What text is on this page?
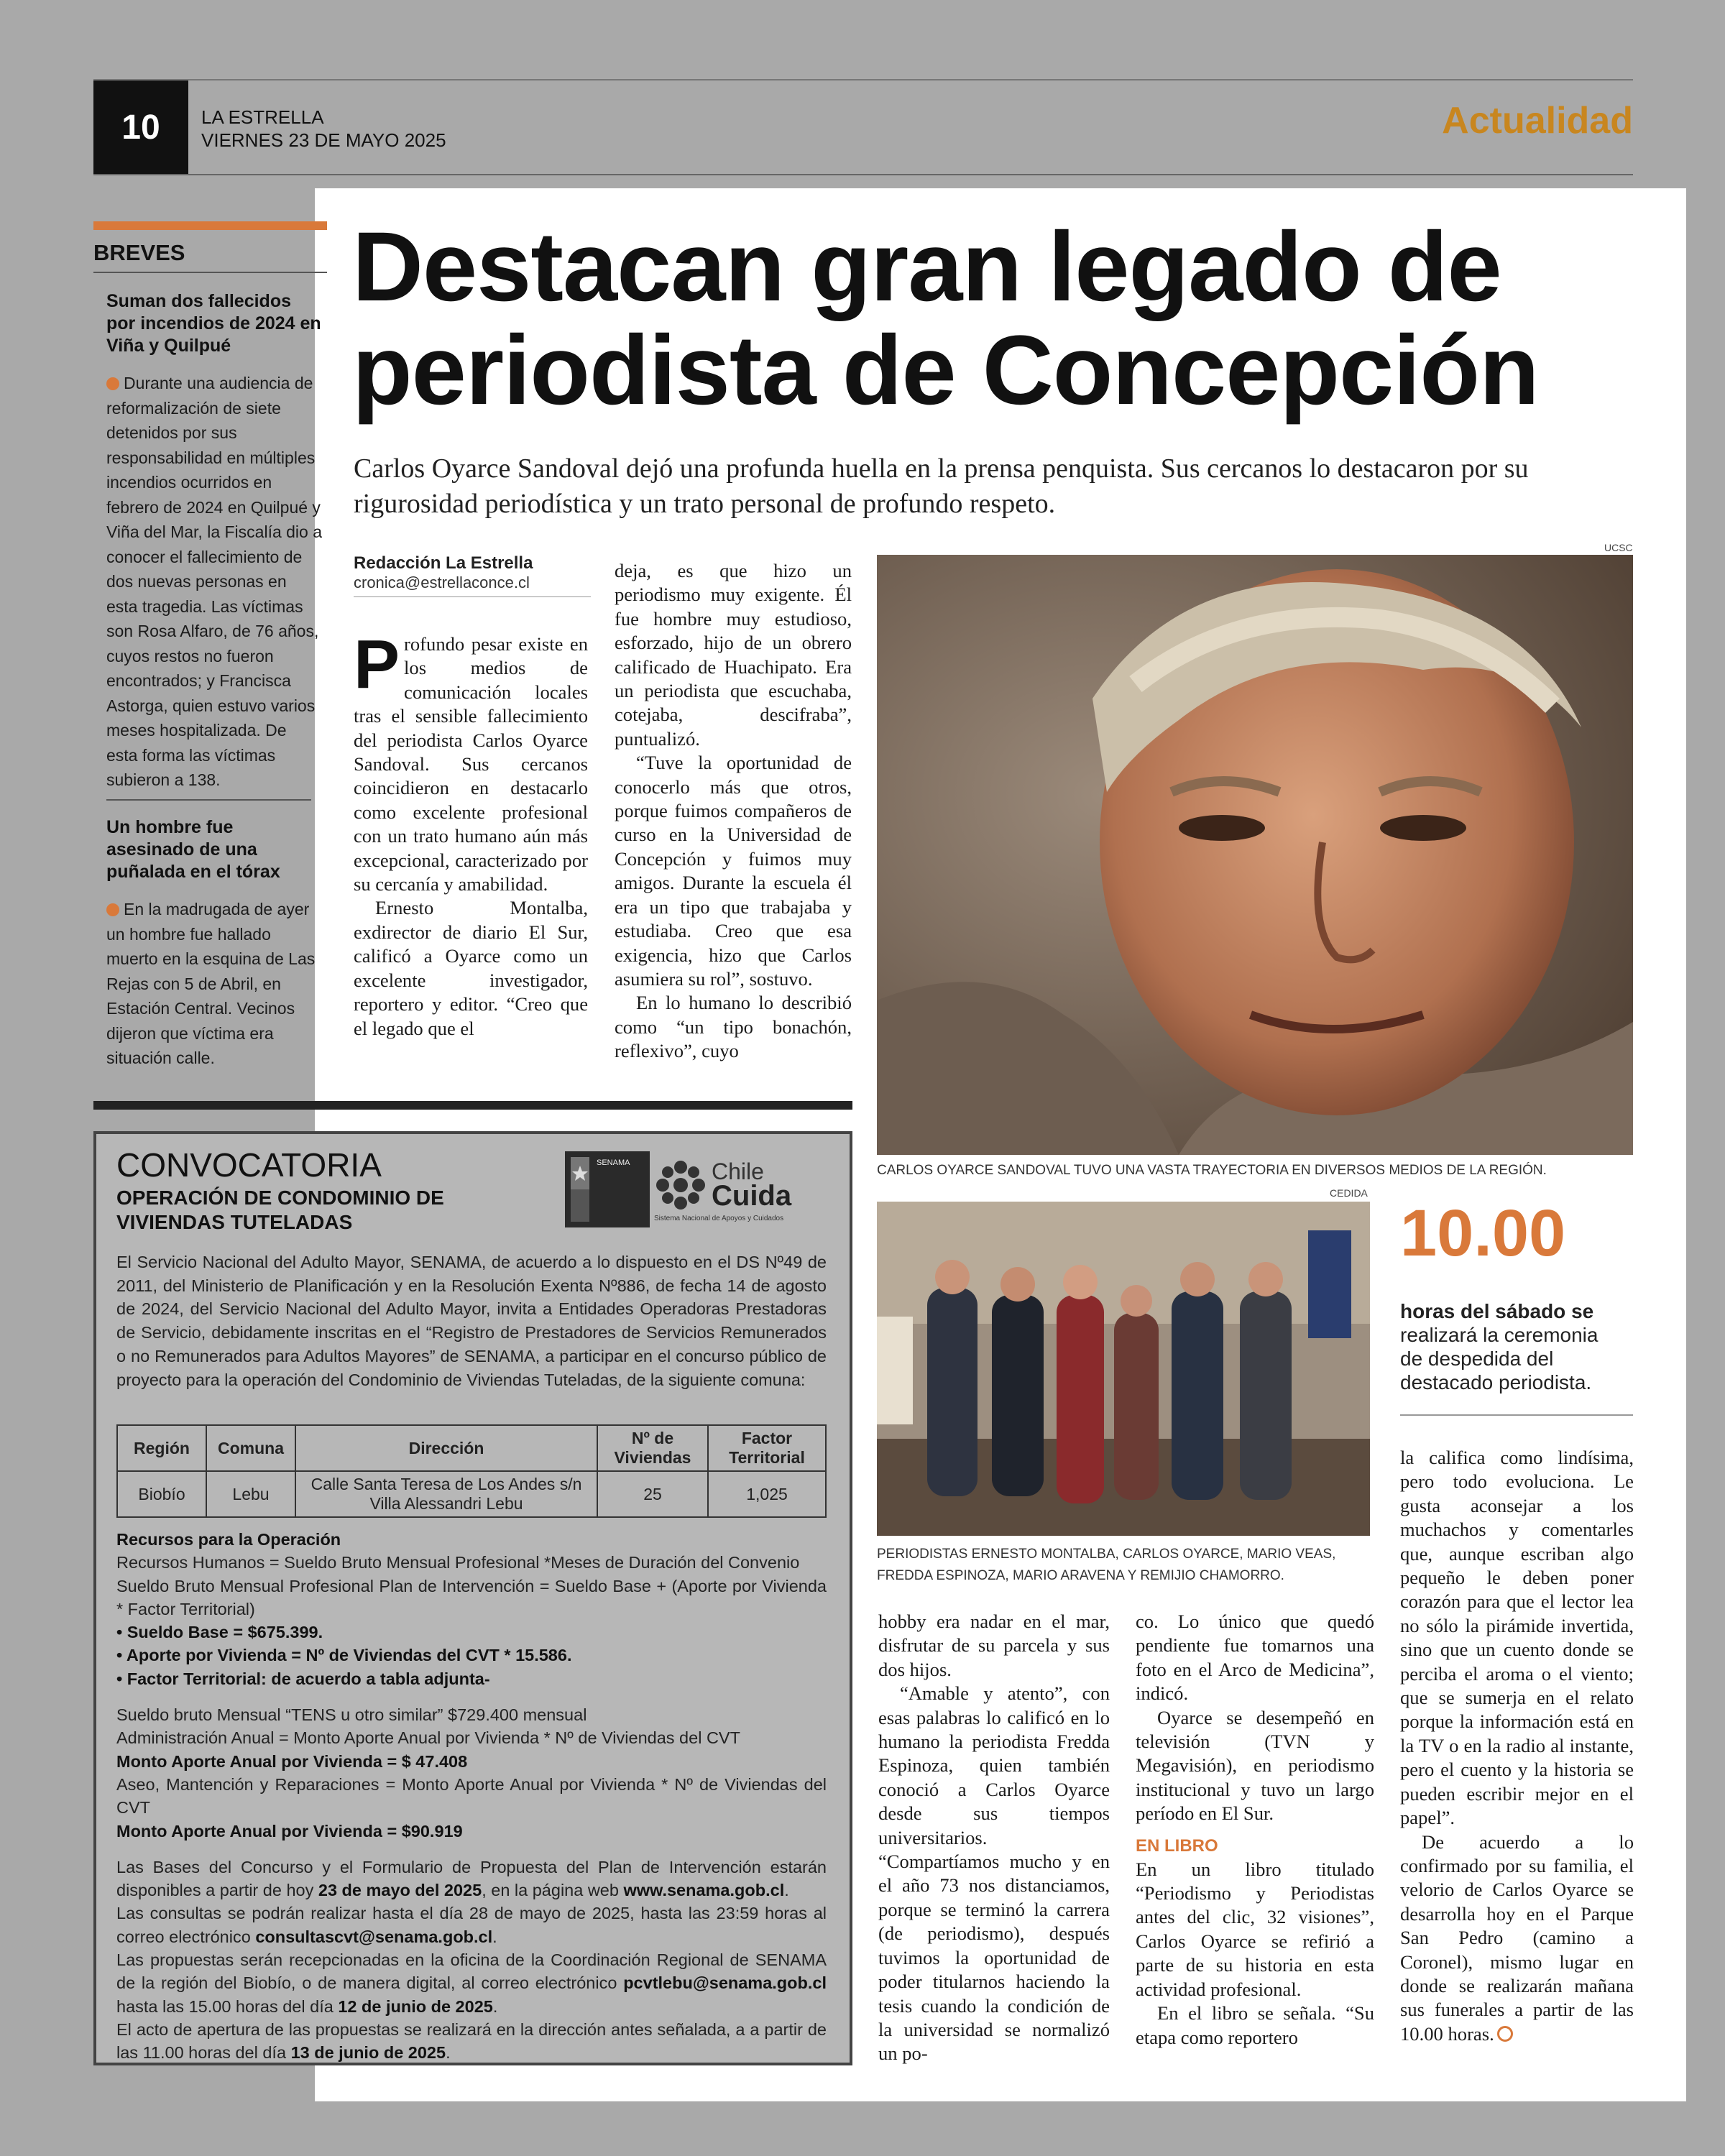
10	LA ESTRELLA
VIERNES 23 DE MAYO 2025	Actualidad
BREVES
Suman dos fallecidos por incendios de 2024 en Viña y Quilpué
Durante una audiencia de reformalización de siete detenidos por sus responsabilidad en múltiples incendios ocurridos en febrero de 2024 en Quilpué y Viña del Mar, la Fiscalía dio a conocer el fallecimiento de dos nuevas personas en esta tragedia. Las víctimas son Rosa Alfaro, de 76 años, cuyos restos no fueron encontrados; y Francisca Astorga, quien estuvo varios meses hospitalizada. De esta forma las víctimas subieron a 138.
Un hombre fue asesinado de una puñalada en el tórax
En la madrugada de ayer un hombre fue hallado muerto en la esquina de Las Rejas con 5 de Abril, en Estación Central. Vecinos dijeron que víctima era situación calle.
Destacan gran legado de
periodista de Concepción
Carlos Oyarce Sandoval dejó una profunda huella en la prensa penquista. Sus cercanos lo destacaron por su rigurosidad periodística y un trato personal de profundo respeto.
Redacción La Estrella
cronica@estrellaconce.cl

Profundo pesar existe en los medios de comunicación locales tras el sensible fallecimiento del periodista Carlos Oyarce Sandoval. Sus cercanos coincidieron en destacarlo como excelente profesional con un trato humano aún más excepcional, caracterizado por su cercanía y amabilidad.

Ernesto Montalba, exdirector de diario El Sur, calificó a Oyarce como un excelente investigador, reportero y editor. “Creo que el legado que el

deja, es que hizo un periodismo muy exigente. Él fue hombre muy estudioso, esforzado, hijo de un obrero calificado de Huachipato. Era un periodista que escuchaba, cotejaba, descifraba”, puntualizó.

“Tuve la oportunidad de conocerlo más que otros, porque fuimos compañeros de curso en la Universidad de Concepción y fuimos muy amigos. Durante la escuela él era un tipo que trabajaba y estudiaba. Creo que esa exigencia, hizo que Carlos asumiera su rol”, sostuvo.

En lo humano lo describió como “un tipo bonachón, reflexivo”, cuyo

UCSC
CARLOS OYARCE SANDOVAL TUVO UNA VASTA TRAYECTORIA EN DIVERSOS MEDIOS DE LA REGIÓN.
CEDIDA
PERIODISTAS ERNESTO MONTALBA, CARLOS OYARCE, MARIO VEAS, FREDDA ESPINOZA, MARIO ARAVENA Y REMIJIO CHAMORRO.
10.00
horas del sábado se
realizará la ceremonia de despedida del destacado periodista.

hobby era nadar en el mar, disfrutar de su parcela y sus dos hijos.

“Amable y atento”, con esas palabras lo calificó en lo humano la periodista Fredda Espinoza, quien también conoció a Carlos Oyarce desde sus tiempos universitarios. “Compartíamos mucho y en el año 73 nos distanciamos, porque se terminó la carrera (de periodismo), después tuvimos la oportunidad de poder titularnos haciendo la tesis cuando la condición de la universidad se normalizó un po-

co. Lo único que quedó pendiente fue tomarnos una foto en el Arco de Medicina”, indicó.

Oyarce se desempeñó en televisión (TVN y Megavisión), en periodismo institucional y tuvo un largo período en El Sur.

EN LIBRO

En un libro titulado “Periodismo y Periodistas antes del clic, 32 visiones”, Carlos Oyarce se refirió a parte de su historia en esta actividad profesional.

En el libro se señala. “Su etapa como reportero

la califica como lindísima, pero todo evoluciona. Le gusta aconsejar a los muchachos y comentarles que, aunque escriban algo pequeño le deben poner corazón para que el lector lea no sólo la pirámide invertida, sino que un cuento donde se perciba el aroma o el viento; que se sumerja en el relato porque la información está en la TV o en la radio al instante, pero el cuento y la historia se pueden escribir mejor en el papel”.

De acuerdo a lo confirmado por su familia, el velorio de Carlos Oyarce se desarrolla hoy en el Parque San Pedro (camino a Coronel), mismo lugar en donde se realizarán mañana sus funerales a partir de las 10.00 horas.

CONVOCATORIA
OPERACIÓN DE CONDOMINIO DE VIVIENDAS TUTELADAS
SENAMA	Chile
Cuida
Sistema Nacional de Apoyos y Cuidados
El Servicio Nacional del Adulto Mayor, SENAMA, de acuerdo a lo dispuesto en el DS Nº49 de 2011, del Ministerio de Planificación y en la Resolución Exenta Nº886, de fecha 14 de agosto de 2024, del Servicio Nacional del Adulto Mayor, invita a Entidades Operadoras Prestadoras de Servicio, debidamente inscritas en el “Registro de Prestadores de Servicios Remunerados o no Remunerados para Adultos Mayores” de SENAMA, a participar en el concurso público de proyecto para la operación del Condominio de Viviendas Tuteladas, de la siguiente comuna:
Región	Comuna	Dirección	Nº de Viviendas	Factor Territorial
Biobío	Lebu	Calle Santa Teresa de Los Andes s/n Villa Alessandri Lebu	25	1,025

Recursos para la Operación

Recursos Humanos = Sueldo Bruto Mensual Profesional *Meses de Duración del Convenio

Sueldo Bruto Mensual Profesional Plan de Intervención = Sueldo Base + (Aporte por Vivienda * Factor Territorial)

• Sueldo Base = $675.399.

• Aporte por Vivienda = Nº de Viviendas del CVT * 15.586.

• Factor Territorial: de acuerdo a tabla adjunta-

Sueldo bruto Mensual “TENS u otro similar” $729.400 mensual

Administración Anual = Monto Aporte Anual por Vivienda * Nº de Viviendas del CVT

Monto Aporte Anual por Vivienda = $ 47.408

Aseo, Mantención y Reparaciones = Monto Aporte Anual por Vivienda * Nº de Viviendas del CVT

Monto Aporte Anual por Vivienda = $90.919

Las Bases del Concurso y el Formulario de Propuesta del Plan de Intervención estarán disponibles a partir de hoy 23 de mayo del 2025, en la página web www.senama.gob.cl.

Las consultas se podrán realizar hasta el día 28 de mayo de 2025, hasta las 23:59 horas al correo electrónico consultascvt@senama.gob.cl.

Las propuestas serán recepcionadas en la oficina de la Coordinación Regional de SENAMA de la región del Biobío, o de manera digital, al correo electrónico pcvtlebu@senama.gob.cl hasta las 15.00 horas del día 12 de junio de 2025.

El acto de apertura de las propuestas se realizará en la dirección antes señalada, a a partir de las 11.00 horas del día 13 de junio de 2025.
